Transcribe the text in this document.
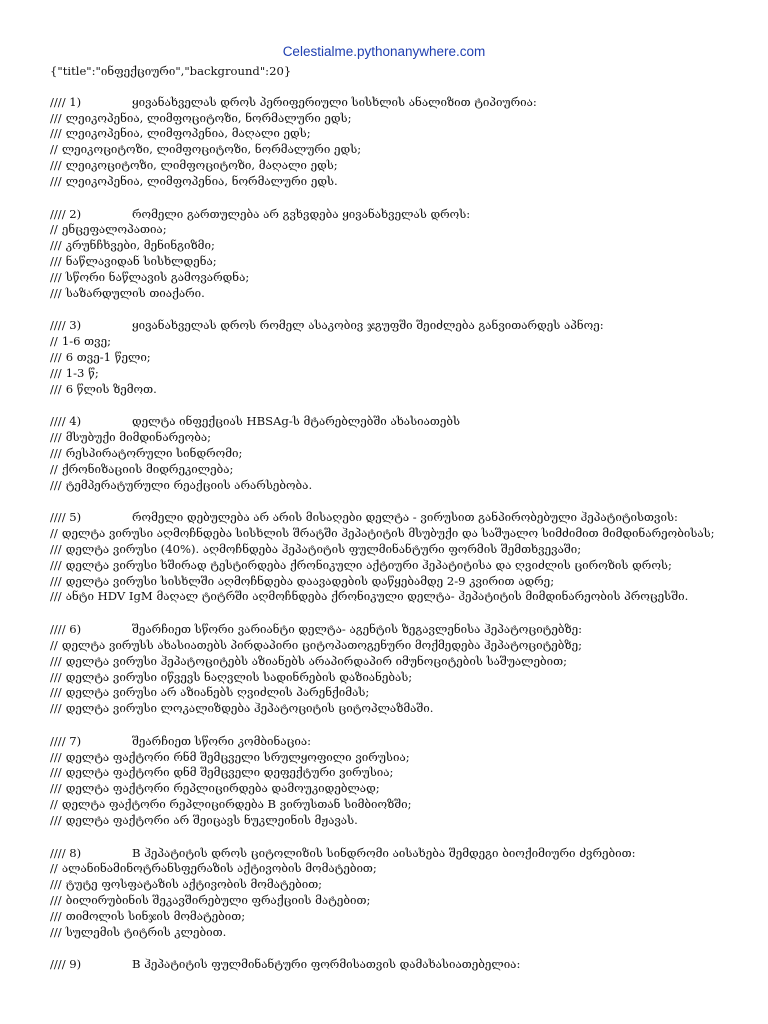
Celestialme.pythonanywhere.com
{"title":"ინფექციური","background":20}
//// 1)	ყივანახველას დროს პერიფერიული სისხლის ანალიზით ტიპიურია:
/// ლეიკოპენია, ლიმფოციტოზი, ნორმალური ედს;
/// ლეიკოპენია, ლიმფოპენია, მაღალი ედს;
// ლეიკოციტოზი, ლიმფოციტოზი, ნორმალური ედს;
/// ლეიკოციტოზი, ლიმფოციტოზი, მაღალი ედს;
/// ლეიკოპენია, ლიმფოპენია, ნორმალური ედს.
//// 2)	რომელი გართულება არ გვხვდება ყივანახველას დროს:
// ენცეფალოპათია;
/// კრუნჩხვები, მენინგიზმი;
/// ნაწლავიდან სისხლდენა;
/// სწორი ნაწლავის გამოვარდნა;
/// საზარდულის თიაქარი.
//// 3)	ყივანახველას დროს რომელ ასაკობივ ჯგუფში შეიძლება განვითარდეს აპნოე:
// 1-6 თვე;
/// 6 თვე-1 წელი;
/// 1-3 წ;
/// 6 წლის ზემოთ.
//// 4)	დელტა ინფექციას HBSAg-ს მტარებლებში ახასიათებს
/// მსუბუქი მიმდინარეობა;
/// რესპირატორული სინდრომი;
// ქრონიზაციის მიდრეკილება;
/// ტემპერატურული რეაქციის არარსებობა.
//// 5)	რომელი დებულება არ არის მისაღები დელტა - ვირუსით განპირობებული ჰეპატიტისთვის:
// დელტა ვირუსი აღმოჩნდება სისხლის შრატში ჰეპატიტის მსუბუქი და საშუალო სიმძიმით მიმდინარეობისას;
/// დელტა ვირუსი (40%). აღმოჩნდება ჰეპატიტის ფულმინანტური ფორმის შემთხვევაში;
/// დელტა ვირუსი ხშირად ტესტირდება ქრონიკული აქტიური ჰეპატიტისა და ღვიძლის ციროზის დროს;
/// დელტა ვირუსი სისხლში აღმოჩნდება დაავადების დაწყებამდე 2-9 კვირით ადრე;
/// ანტი HDV IgM მაღალ ტიტრში აღმოჩნდება ქრონიკული დელტა- ჰეპატიტის მიმდინარეობის პროცესში.
//// 6)	შეარჩიეთ სწორი ვარიანტი დელტა- აგენტის ზეგავლენისა ჰეპატოციტებზე:
// დელტა ვირუსს ახასიათებს პირდაპირი ციტოპათოგენური მოქმედება ჰეპატოციტებზე;
/// დელტა ვირუსი ჰეპატოციტებს აზიანებს არაპირდაპირ იმუნოციტების საშუალებით;
/// დელტა ვირუსი იწვევს ნაღვლის სადინრების დაზიანებას;
/// დელტა ვირუსი არ აზიანებს ღვიძლის პარენქიმას;
/// დელტა ვირუსი ლოკალიზდება ჰეპატოციტის ციტოპლაზმაში.
//// 7)	შეარჩიეთ სწორი კომბინაცია:
/// დელტა ფაქტორი რნმ შემცველი სრულყოფილი ვირუსია;
/// დელტა ფაქტორი დნმ შემცველი დეფექტური ვირუსია;
/// დელტა ფაქტორი რეპლიცირდება დამოუკიდებლად;
// დელტა ფაქტორი რეპლიცირდება B ვირუსთან სიმბიოზში;
/// დელტა ფაქტორი არ შეიცავს ნუკლეინის მჟავას.
//// 8)	B ჰეპატიტის დროს ციტოლიზის სინდრომი აისახება შემდეგი ბიოქიმიური ძვრებით:
// ალანინამინოტრანსფერაზის აქტივობის მომატებით;
/// ტუტე ფოსფატაზის აქტივობის მომატებით;
/// ბილირუბინის შეკავშირებული ფრაქციის მატებით;
/// თიმოლის სინჯის მომატებით;
/// სულემის ტიტრის კლებით.
//// 9)	B ჰეპატიტის ფულმინანტური ფორმისათვის დამახასიათებელია:
